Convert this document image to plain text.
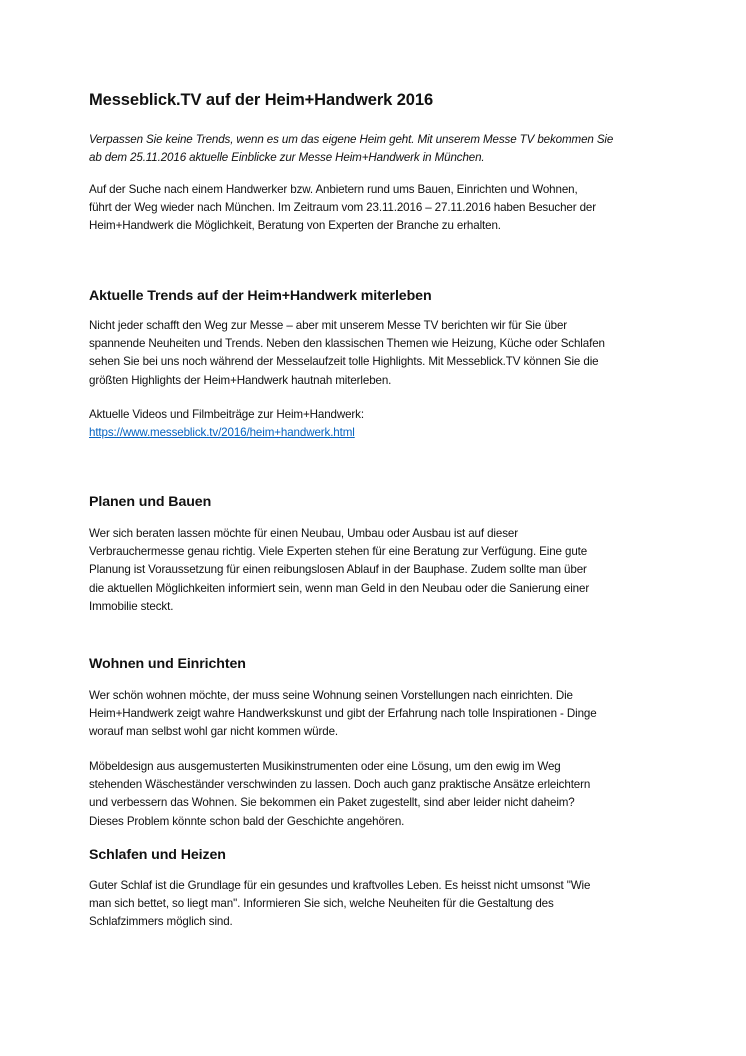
Messeblick.TV auf der Heim+Handwerk 2016

Verpassen Sie keine Trends, wenn es um das eigene Heim geht. Mit unserem Messe TV bekommen Sie
ab dem 25.11.2016 aktuelle Einblicke zur Messe Heim+Handwerk in München.

Auf der Suche nach einem Handwerker bzw. Anbietern rund ums Bauen, Einrichten und Wohnen,
führt der Weg wieder nach München. Im Zeitraum vom 23.11.2016 – 27.11.2016 haben Besucher der
Heim+Handwerk die Möglichkeit, Beratung von Experten der Branche zu erhalten.

Aktuelle Trends auf der Heim+Handwerk miterleben

Nicht jeder schafft den Weg zur Messe – aber mit unserem Messe TV berichten wir für Sie über
spannende Neuheiten und Trends. Neben den klassischen Themen wie Heizung, Küche oder Schlafen
sehen Sie bei uns noch während der Messelaufzeit tolle Highlights. Mit Messeblick.TV können Sie die
größten Highlights der Heim+Handwerk hautnah miterleben.

Aktuelle Videos und Filmbeiträge zur Heim+Handwerk:
https://www.messeblick.tv/2016/heim+handwerk.html

Planen und Bauen

Wer sich beraten lassen möchte für einen Neubau, Umbau oder Ausbau ist auf dieser
Verbrauchermesse genau richtig. Viele Experten stehen für eine Beratung zur Verfügung. Eine gute
Planung ist Voraussetzung für einen reibungslosen Ablauf in der Bauphase. Zudem sollte man über
die aktuellen Möglichkeiten informiert sein, wenn man Geld in den Neubau oder die Sanierung einer
Immobilie steckt.

Wohnen und Einrichten

Wer schön wohnen möchte, der muss seine Wohnung seinen Vorstellungen nach einrichten. Die
Heim+Handwerk zeigt wahre Handwerkskunst und gibt der Erfahrung nach tolle Inspirationen - Dinge
worauf man selbst wohl gar nicht kommen würde.

Möbeldesign aus ausgemusterten Musikinstrumenten oder eine Lösung, um den ewig im Weg
stehenden Wäscheständer verschwinden zu lassen. Doch auch ganz praktische Ansätze erleichtern
und verbessern das Wohnen. Sie bekommen ein Paket zugestellt, sind aber leider nicht daheim?
Dieses Problem könnte schon bald der Geschichte angehören.

Schlafen und Heizen

Guter Schlaf ist die Grundlage für ein gesundes und kraftvolles Leben. Es heisst nicht umsonst "Wie
man sich bettet, so liegt man". Informieren Sie sich, welche Neuheiten für die Gestaltung des
Schlafzimmers möglich sind.
